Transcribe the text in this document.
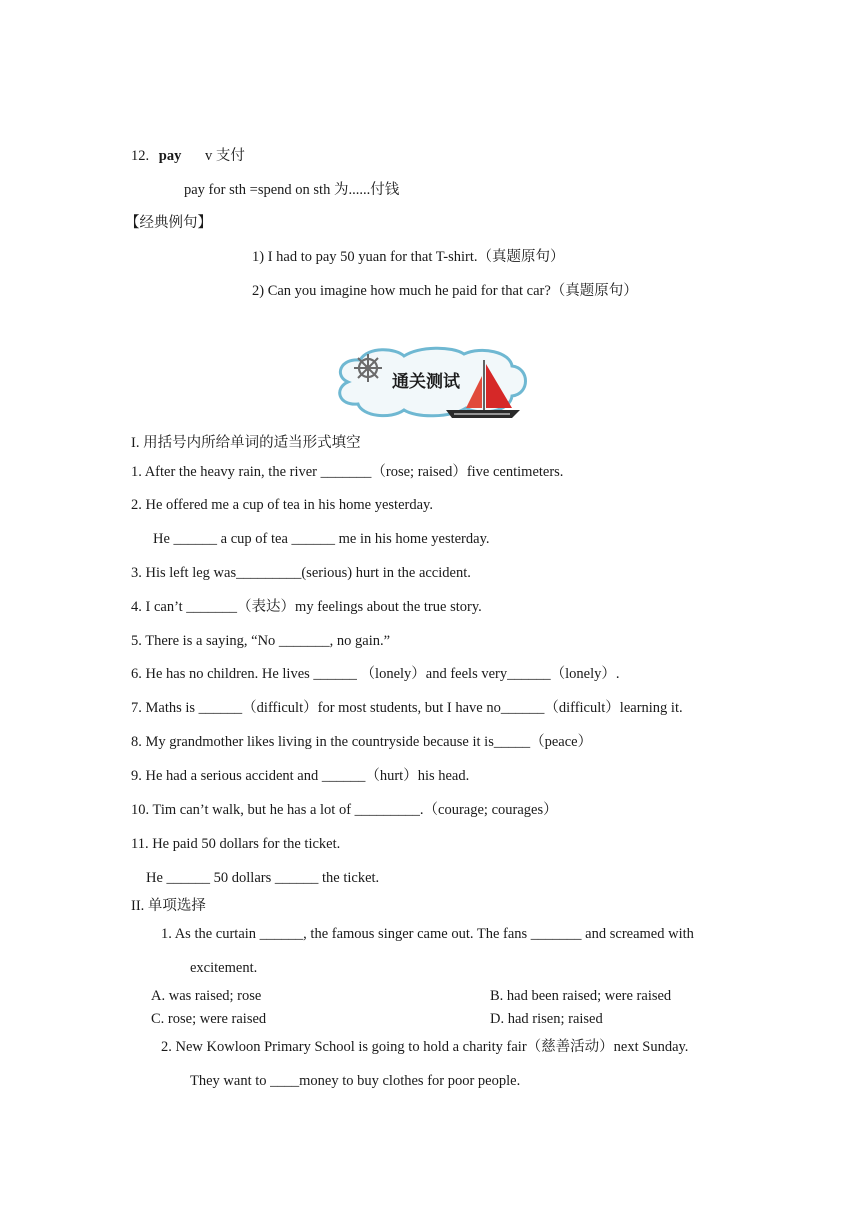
12. pay v 支付
pay for sth =spend on sth 为......付钱
【经典例句】
1) I had to pay 50 yuan for that T-shirt.（真题原句）
2) Can you imagine how much he paid for that car?（真题原句）
通关测试
I. 用括号内所给单词的适当形式填空
1. After the heavy rain, the river _______（rose; raised）five centimeters.
2. He offered me a cup of tea in his home yesterday.
He ______ a cup of tea ______ me in his home yesterday.
3. His left leg was_________(serious) hurt in the accident.
4. I can’t _______（表达）my feelings about the true story.
5. There is a saying, “No _______, no gain.”
6. He has no children. He lives ______ （lonely）and feels very______（lonely）.
7. Maths is ______（difficult）for most students, but I have no______（difficult）learning it.
8. My grandmother likes living in the countryside because it is_____（peace）
9. He had a serious accident and ______（hurt）his head.
10. Tim can’t walk, but he has a lot of _________.（courage; courages）
11. He paid 50 dollars for the ticket.
He ______ 50 dollars ______ the ticket.
II. 单项选择
1. As the curtain ______, the famous singer came out. The fans _______ and screamed with
excitement.
A. was raised; rose	B. had been raised; were raised
C. rose; were raised	D. had risen; raised
2. New Kowloon Primary School is going to hold a charity fair（慈善活动）next Sunday.
They want to ____money to buy clothes for poor people.
